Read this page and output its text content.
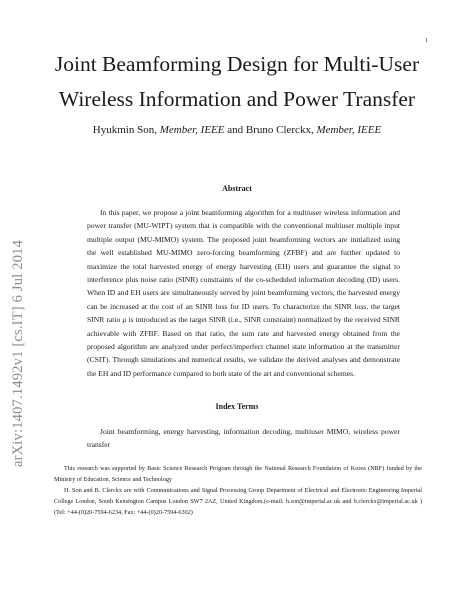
1
arXiv:1407.1492v1 [cs.IT] 6 Jul 2014
Joint Beamforming Design for Multi-User Wireless Information and Power Transfer
Hyukmin Son, Member, IEEE and Bruno Clerckx, Member, IEEE
Abstract
In this paper, we propose a joint beamforming algorithm for a multiuser wireless information and power transfer (MU-WIPT) system that is compatible with the conventional multiuser multiple input multiple output (MU-MIMO) system. The proposed joint beamforming vectors are initialized using the well established MU-MIMO zero-forcing beamforming (ZFBF) and are further updated to maximize the total harvested energy of energy harvesting (EH) users and guarantee the signal to interference plus noise ratio (SINR) constraints of the co-scheduled information decoding (ID) users. When ID and EH users are simultaneously served by joint beamforming vectors, the harvested energy can be increased at the cost of an SINR loss for ID users. To characterize the SINR loss, the target SINR ratio μ is introduced as the target SINR (i.e., SINR constraint) normalized by the received SINR achievable with ZFBF. Based on that ratio, the sum rate and harvested energy obtained from the proposed algorithm are analyzed under perfect/imperfect channel state information at the transmitter (CSIT). Through simulations and numerical results, we validate the derived analyses and demonstrate the EH and ID performance compared to both state of the art and conventional schemes.
Index Terms
Joint beamforming, energy harvesting, information decoding, multiuser MIMO, wireless power transfer

This research was supported by Basic Science Research Program through the National Research Foundation of Korea (NRF) funded by the Ministry of Education, Science and Technology

H. Son and B. Clerckx are with Communications and Signal Processing Group Department of Electrical and Electronic Engineering Imperial College London, South Kensington Campus London SW7 2AZ, United Kingdom.(e-mail: h.son@imperial.ac.uk and b.clerckx@imperial.ac.uk )(Tel: +44-(0)20-7594-6234, Fax: +44-(0)20-7594-6302)
